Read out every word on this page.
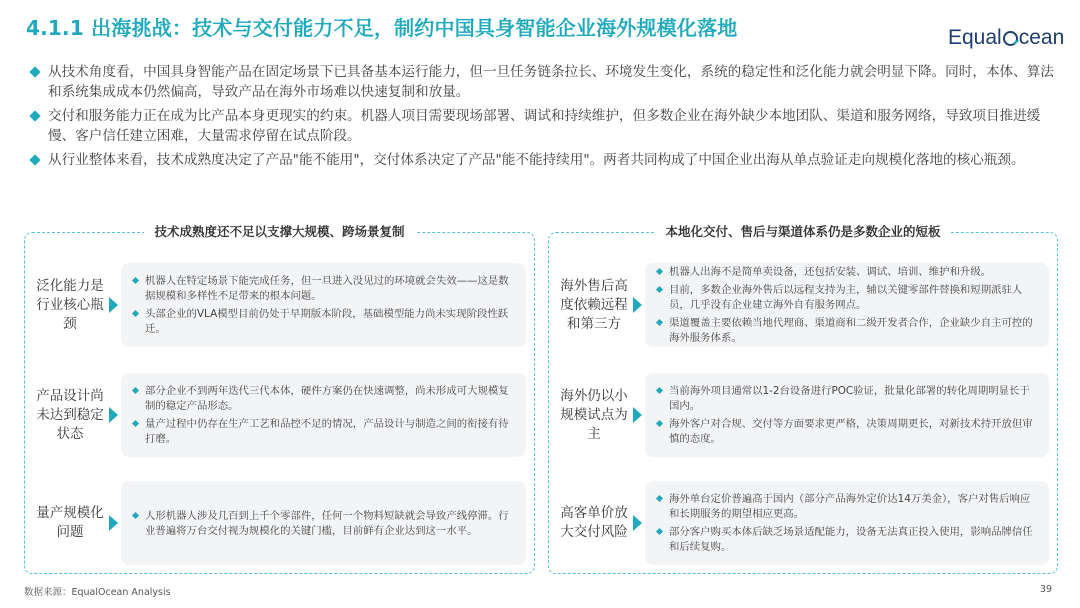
4.1.1 出海挑战：技术与交付能力不足，制约中国具身智能企业海外规模化落地	Equal cean
从技术角度看，中国具身智能产品在固定场景下已具备基本运行能力，但一旦任务链条拉长、环境发生变化，系统的稳定性和泛化能力就会明显下降。同时，本体、算法和系统集成成本仍然偏高，导致产品在海外市场难以快速复制和放量。
交付和服务能力正在成为比产品本身更现实的约束。机器人项目需要现场部署、调试和持续维护，但多数企业在海外缺少本地团队、渠道和服务网络，导致项目推进缓慢、客户信任建立困难，大量需求停留在试点阶段。
从行业整体来看，技术成熟度决定了产品"能不能用"，交付体系决定了产品"能不能持续用"。两者共同构成了中国企业出海从单点验证走向规模化落地的核心瓶颈。
技术成熟度还不足以支撑大规模、跨场景复制
泛化能力是行业核心瓶颈
机器人在特定场景下能完成任务，但一旦进入没见过的环境就会失效——这是数据规模和多样性不足带来的根本问题。
头部企业的VLA模型目前仍处于早期版本阶段，基础模型能力尚未实现阶段性跃迁。
产品设计尚未达到稳定状态
部分企业不到两年迭代三代本体，硬件方案仍在快速调整，尚未形成可大规模复制的稳定产品形态。
量产过程中仍存在生产工艺和品控不足的情况，产品设计与制造之间的衔接有待打磨。
量产规模化问题
人形机器人涉及几百到上千个零部件，任何一个物料短缺就会导致产线停滞。行业普遍将万台交付视为规模化的关键门槛，目前鲜有企业达到这一水平。
本地化交付、售后与渠道体系仍是多数企业的短板
海外售后高度依赖远程和第三方
机器人出海不是简单卖设备，还包括安装、调试、培训、维护和升级。
目前，多数企业海外售后以远程支持为主，辅以关键零部件替换和短期派驻人员，几乎没有企业建立海外自有服务网点。
渠道覆盖主要依赖当地代理商、渠道商和二级开发者合作，企业缺少自主可控的海外服务体系。
海外仍以小规模试点为主
当前海外项目通常以1-2台设备进行POC验证，批量化部署的转化周期明显长于国内。
海外客户对合规、交付等方面要求更严格，决策周期更长，对新技术持开放但审慎的态度。
高客单价放大交付风险
海外单台定价普遍高于国内（部分产品海外定价达14万美金），客户对售后响应和长期服务的期望相应更高。
部分客户购买本体后缺乏场景适配能力，设备无法真正投入使用，影响品牌信任和后续复购。
数据来源：EqualOcean Analysis	39
